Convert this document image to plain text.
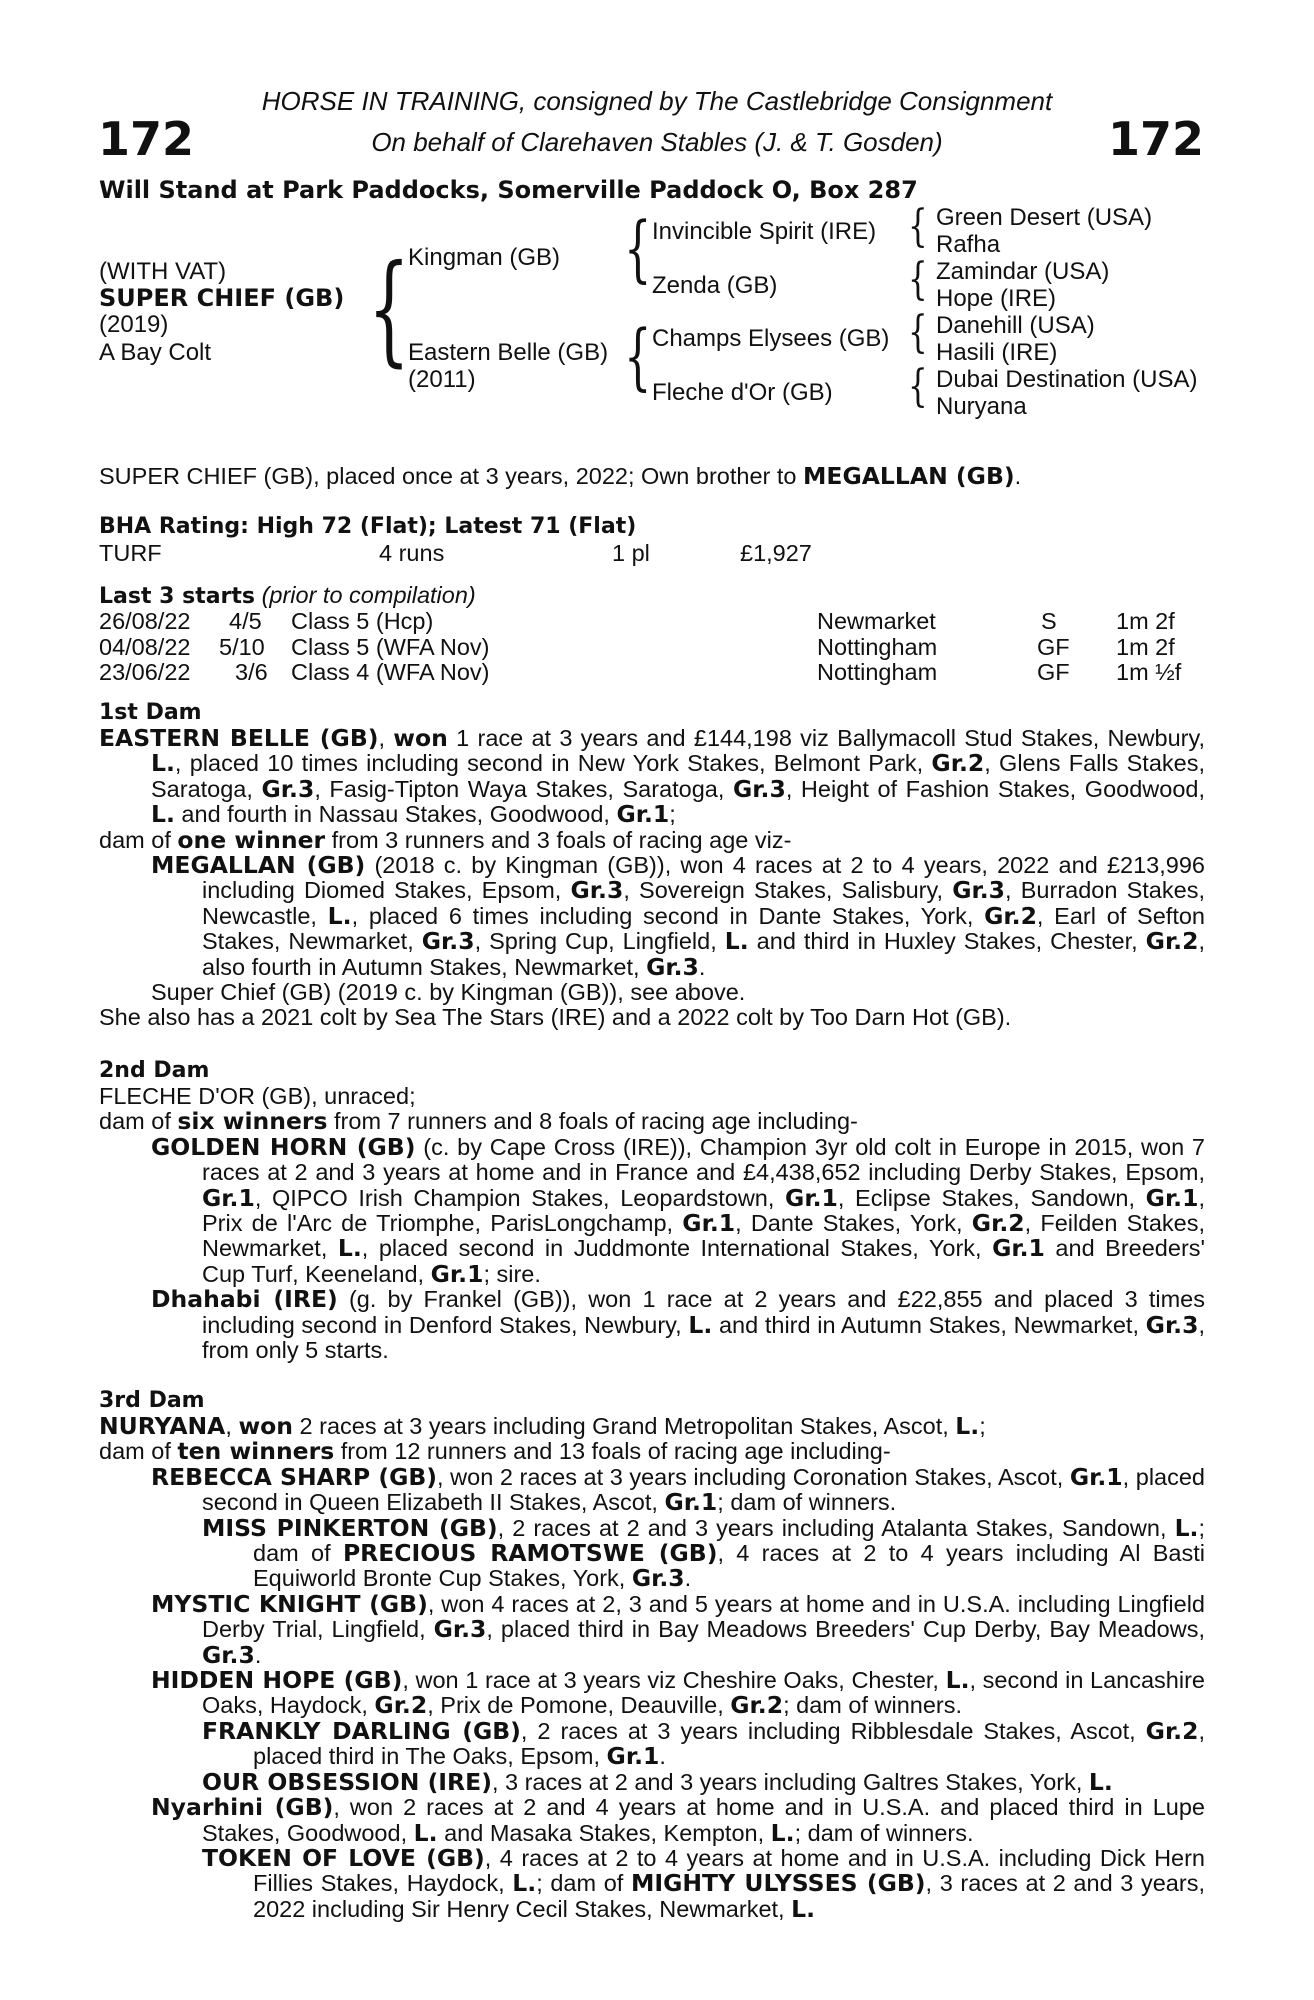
172	172
HORSE IN TRAINING, consigned by The Castlebridge Consignment
On behalf of Clarehaven Stables (J. & T. Gosden)
Will Stand at Park Paddocks, Somerville Paddock O, Box 287
(WITH VAT)
SUPER CHIEF (GB)
(2019)
A Bay Colt {
Kingman (GB)
Eastern Belle (GB)
(2011)
{
{
Invincible Spirit (IRE)
Zenda (GB)
Champs Elysees (GB)
Fleche d'Or (GB)
{
{
{
{
Green Desert (USA)
Rafha
Zamindar (USA)
Hope (IRE)
Danehill (USA)
Hasili (IRE)
Dubai Destination (USA)
Nuryana
SUPER CHIEF (GB), placed once at 3 years, 2022; Own brother to MEGALLAN (GB).
BHA Rating: High 72 (Flat); Latest 71 (Flat)
TURF	4 runs	1 pl	£1,927
Last 3 starts (prior to compilation)
26/08/22 4/5 Class 5 (Hcp)	Newmarket	S	1m 2f
04/08/22 5/10 Class 5 (WFA Nov)	Nottingham	GF 1m 2f
23/06/22 3/6 Class 4 (WFA Nov)	Nottingham	GF 1m ½f
1st Dam
EASTERN BELLE (GB), won 1 race at 3 years and £144,198 viz Ballymacoll Stud Stakes, Newbury, L., placed 10 times including second in New York Stakes, Belmont Park, Gr.2, Glens Falls Stakes, Saratoga, Gr.3, Fasig-Tipton Waya Stakes, Saratoga, Gr.3, Height of Fashion Stakes, Goodwood, L. and fourth in Nassau Stakes, Goodwood, Gr.1;
dam of one winner from 3 runners and 3 foals of racing age viz-
MEGALLAN (GB) (2018 c. by Kingman (GB)), won 4 races at 2 to 4 years, 2022 and £213,996 including Diomed Stakes, Epsom, Gr.3, Sovereign Stakes, Salisbury, Gr.3, Burradon Stakes, Newcastle, L., placed 6 times including second in Dante Stakes, York, Gr.2, Earl of Sefton Stakes, Newmarket, Gr.3, Spring Cup, Lingfield, L. and third in Huxley Stakes, Chester, Gr.2, also fourth in Autumn Stakes, Newmarket, Gr.3.
Super Chief (GB) (2019 c. by Kingman (GB)), see above.
She also has a 2021 colt by Sea The Stars (IRE) and a 2022 colt by Too Darn Hot (GB).
2nd Dam
FLECHE D'OR (GB), unraced;
dam of six winners from 7 runners and 8 foals of racing age including-
GOLDEN HORN (GB) (c. by Cape Cross (IRE)), Champion 3yr old colt in Europe in 2015, won 7 races at 2 and 3 years at home and in France and £4,438,652 including Derby Stakes, Epsom, Gr.1, QIPCO Irish Champion Stakes, Leopardstown, Gr.1, Eclipse Stakes, Sandown, Gr.1, Prix de l'Arc de Triomphe, ParisLongchamp, Gr.1, Dante Stakes, York, Gr.2, Feilden Stakes, Newmarket, L., placed second in Juddmonte International Stakes, York, Gr.1 and Breeders' Cup Turf, Keeneland, Gr.1; sire.
Dhahabi (IRE) (g. by Frankel (GB)), won 1 race at 2 years and £22,855 and placed 3 times including second in Denford Stakes, Newbury, L. and third in Autumn Stakes, Newmarket, Gr.3, from only 5 starts.
3rd Dam
NURYANA, won 2 races at 3 years including Grand Metropolitan Stakes, Ascot, L.;
dam of ten winners from 12 runners and 13 foals of racing age including-
REBECCA SHARP (GB), won 2 races at 3 years including Coronation Stakes, Ascot, Gr.1, placed second in Queen Elizabeth II Stakes, Ascot, Gr.1; dam of winners.
MISS PINKERTON (GB), 2 races at 2 and 3 years including Atalanta Stakes, Sandown, L.; dam of PRECIOUS RAMOTSWE (GB), 4 races at 2 to 4 years including Al Basti Equiworld Bronte Cup Stakes, York, Gr.3.
MYSTIC KNIGHT (GB), won 4 races at 2, 3 and 5 years at home and in U.S.A. including Lingfield Derby Trial, Lingfield, Gr.3, placed third in Bay Meadows Breeders' Cup Derby, Bay Meadows, Gr.3.
HIDDEN HOPE (GB), won 1 race at 3 years viz Cheshire Oaks, Chester, L., second in Lancashire Oaks, Haydock, Gr.2, Prix de Pomone, Deauville, Gr.2; dam of winners.
FRANKLY DARLING (GB), 2 races at 3 years including Ribblesdale Stakes, Ascot, Gr.2, placed third in The Oaks, Epsom, Gr.1.
OUR OBSESSION (IRE), 3 races at 2 and 3 years including Galtres Stakes, York, L.
Nyarhini (GB), won 2 races at 2 and 4 years at home and in U.S.A. and placed third in Lupe Stakes, Goodwood, L. and Masaka Stakes, Kempton, L.; dam of winners.
TOKEN OF LOVE (GB), 4 races at 2 to 4 years at home and in U.S.A. including Dick Hern Fillies Stakes, Haydock, L.; dam of MIGHTY ULYSSES (GB), 3 races at 2 and 3 years, 2022 including Sir Henry Cecil Stakes, Newmarket, L.
